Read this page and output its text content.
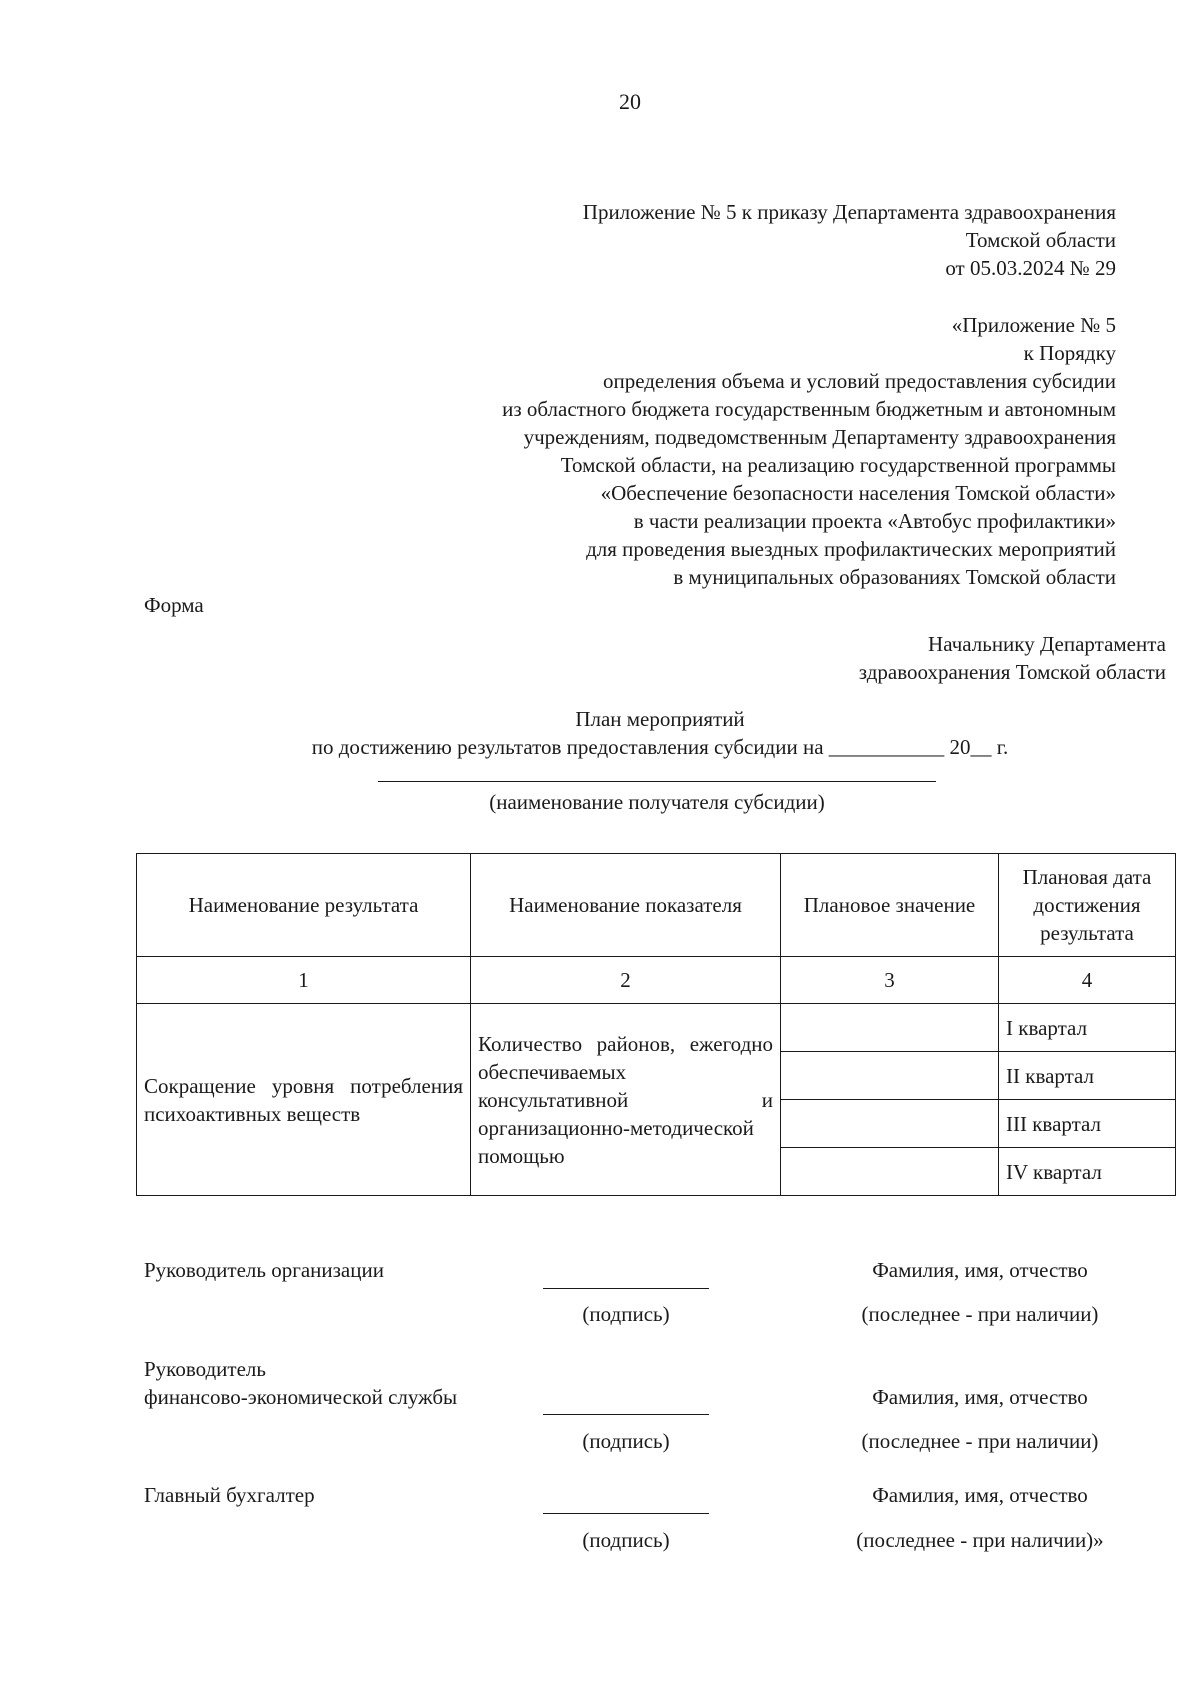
20
Приложение № 5 к приказу Департамента здравоохранения
Томской области
от 05.03.2024 № 29
«Приложение № 5
к Порядку
определения объема и условий предоставления субсидии
из областного бюджета государственным бюджетным и автономным
учреждениям, подведомственным Департаменту здравоохранения
Томской области, на реализацию государственной программы
«Обеспечение безопасности населения Томской области»
в части реализации проекта «Автобус профилактики»
для проведения выездных профилактических мероприятий
в муниципальных образованиях Томской области
Форма
Начальнику Департамента
здравоохранения Томской области
План мероприятий
по достижению результатов предоставления субсидии на ___________ 20__ г.
(наименование получателя субсидии)
Наименование результата	Наименование показателя	Плановое значение	Плановая дата достижения результата
1	2	3	4
Сокращение уровня потребления психоактивных веществ	Количество районов, ежегодно обеспечиваемых консультативной и организационно-методической помощью		I квартал
			II квартал
			III квартал
			IV квартал
Руководитель организации
(подпись)
Фамилия, имя, отчество
(последнее - при наличии)
Руководитель
финансово-экономической службы
(подпись)
Фамилия, имя, отчество
(последнее - при наличии)
Главный бухгалтер
(подпись)
Фамилия, имя, отчество
(последнее - при наличии)»
